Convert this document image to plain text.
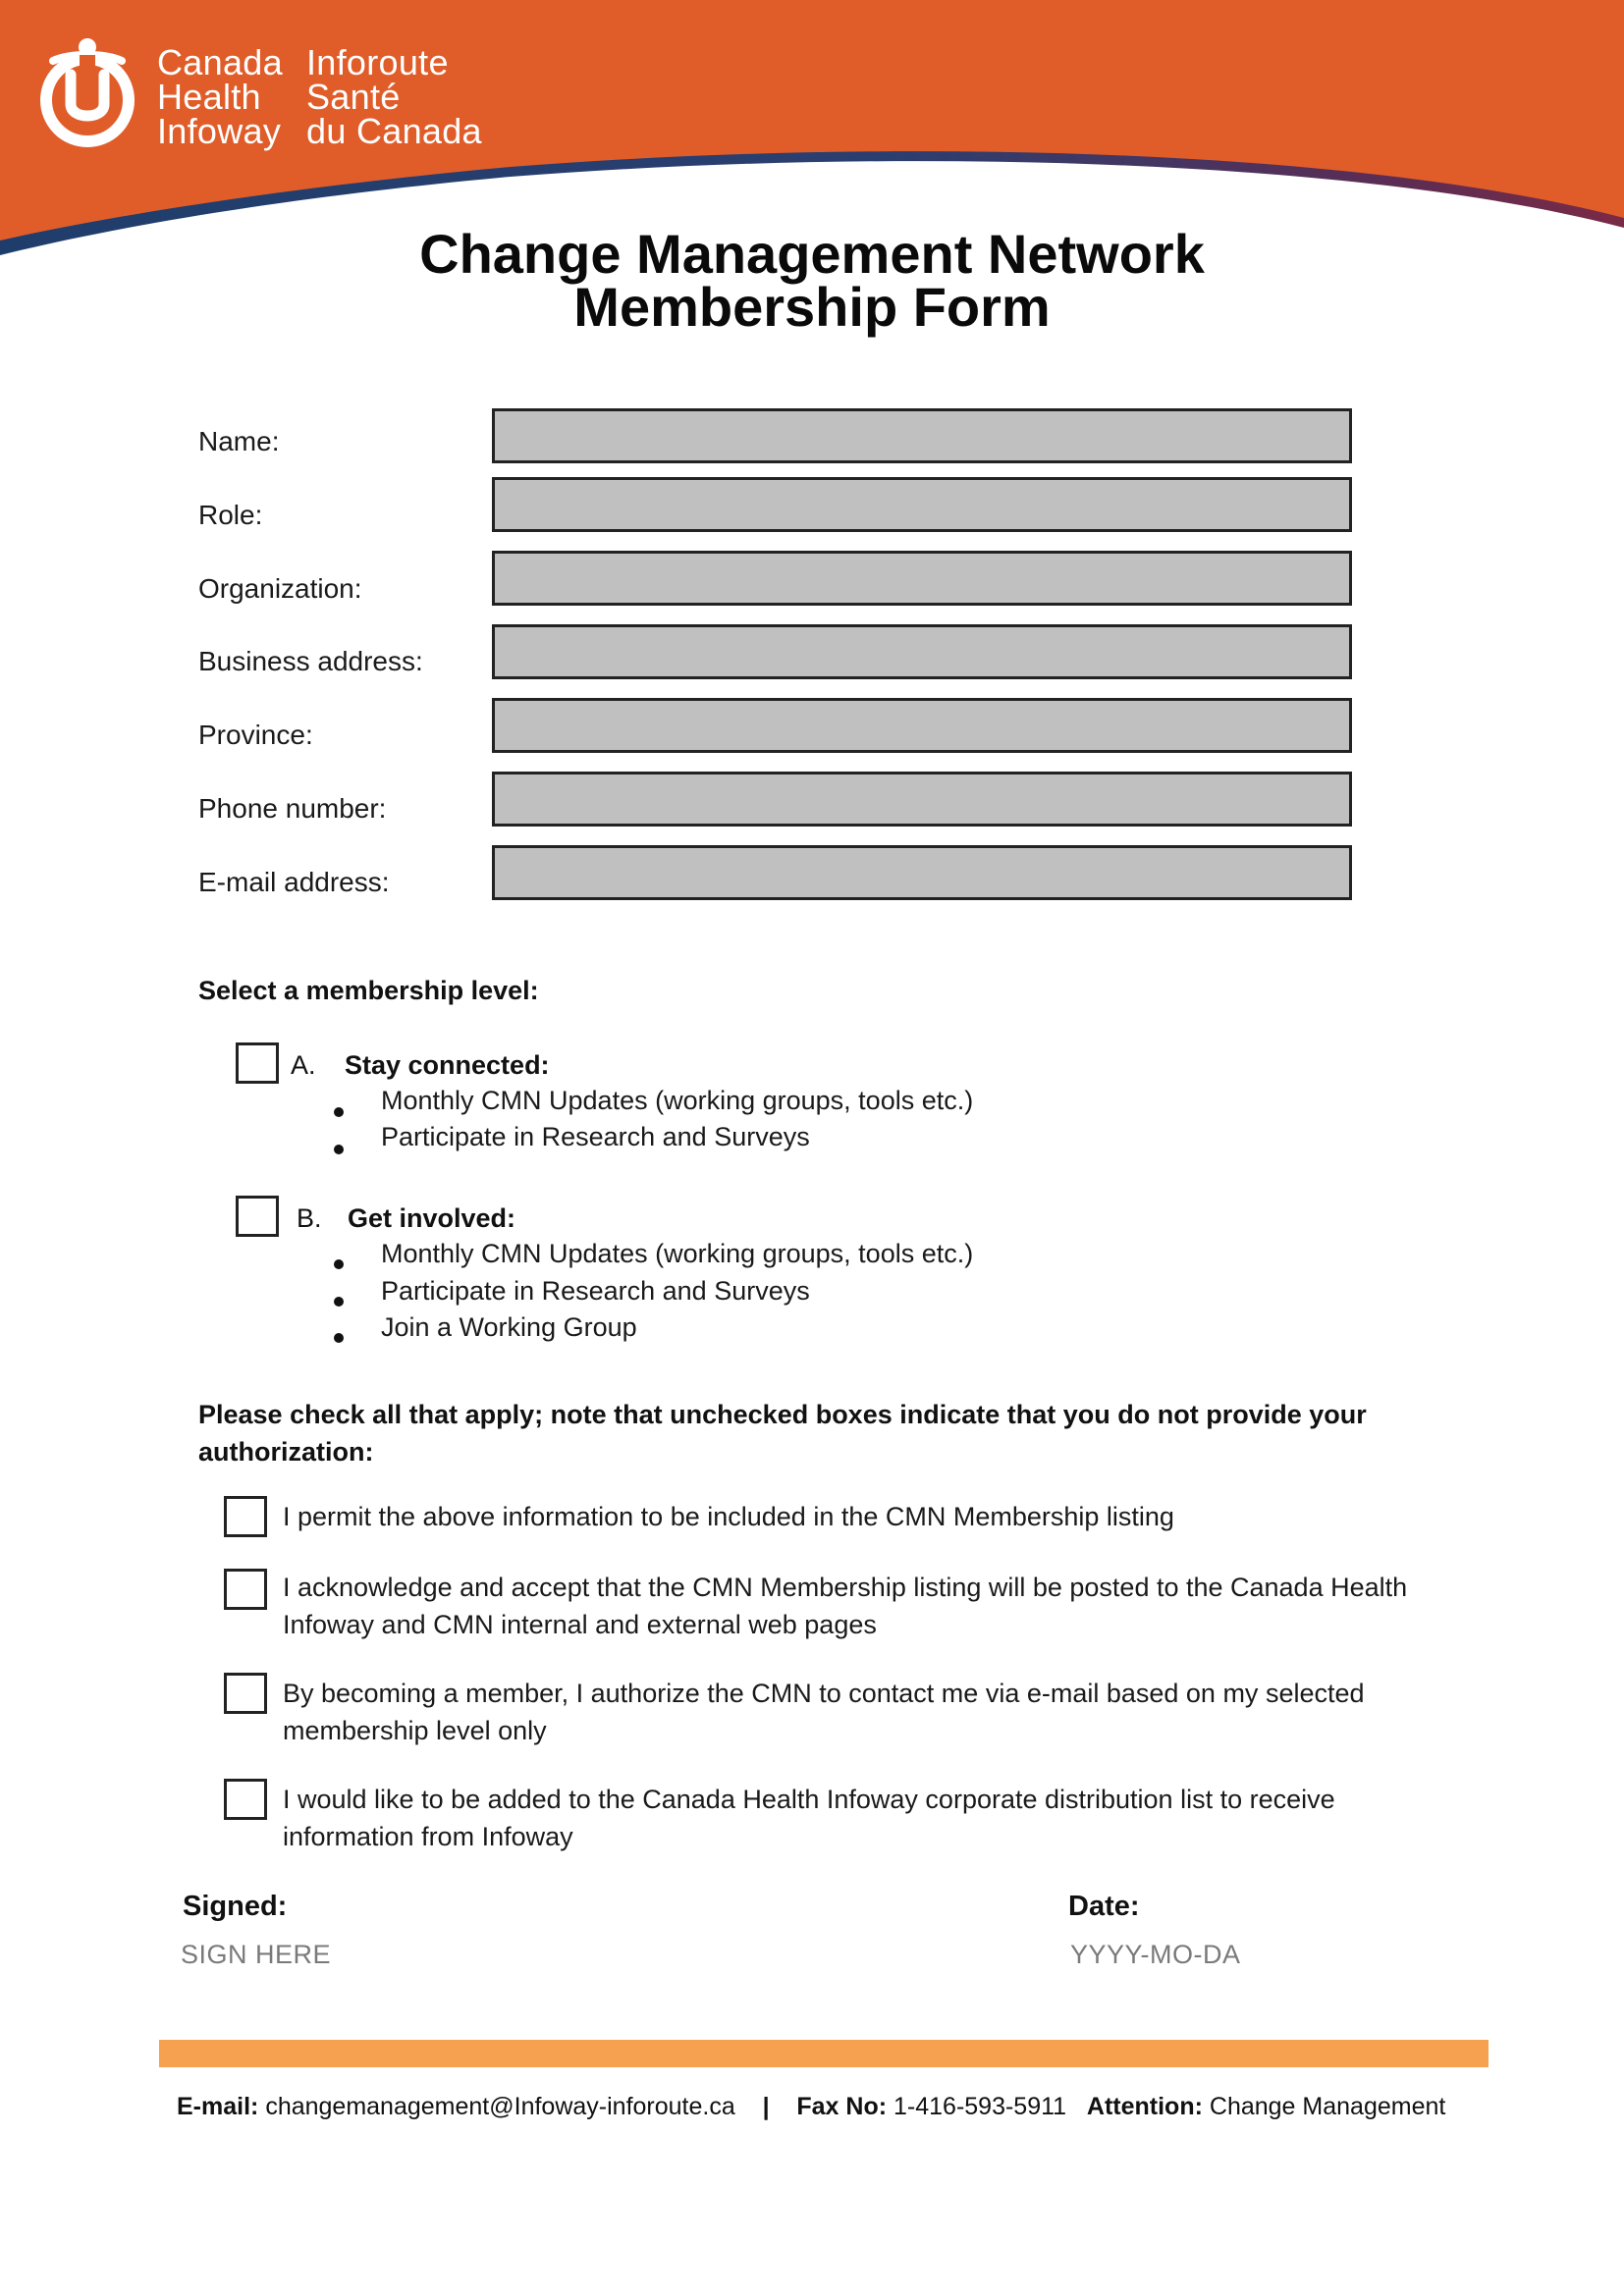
Canada
Health
Infoway
Inforoute
Santé
du Canada
Change Management Network
Membership Form
Name:
Role:
Organization:
Business address:
Province:
Phone number:
E-mail address:
Select a membership level:
A. Stay connected:
Monthly CMN Updates (working groups, tools etc.)
Participate in Research and Surveys
B. Get involved:
Monthly CMN Updates (working groups, tools etc.)
Participate in Research and Surveys
Join a Working Group
Please check all that apply; note that unchecked boxes indicate that you do not provide your
authorization:
I permit the above information to be included in the CMN Membership listing
I acknowledge and accept that the CMN Membership listing will be posted to the Canada Health Infoway and CMN internal and external web pages
By becoming a member, I authorize the CMN to contact me via e-mail based on my selected membership level only
I would like to be added to the Canada Health Infoway corporate distribution list to receive information from Infoway
Signed:
SIGN HERE
Date:
YYYY-MO-DA
E-mail: changemanagement@Infoway-inforoute.ca | Fax No: 1-416-593-5911 Attention: Change Management
